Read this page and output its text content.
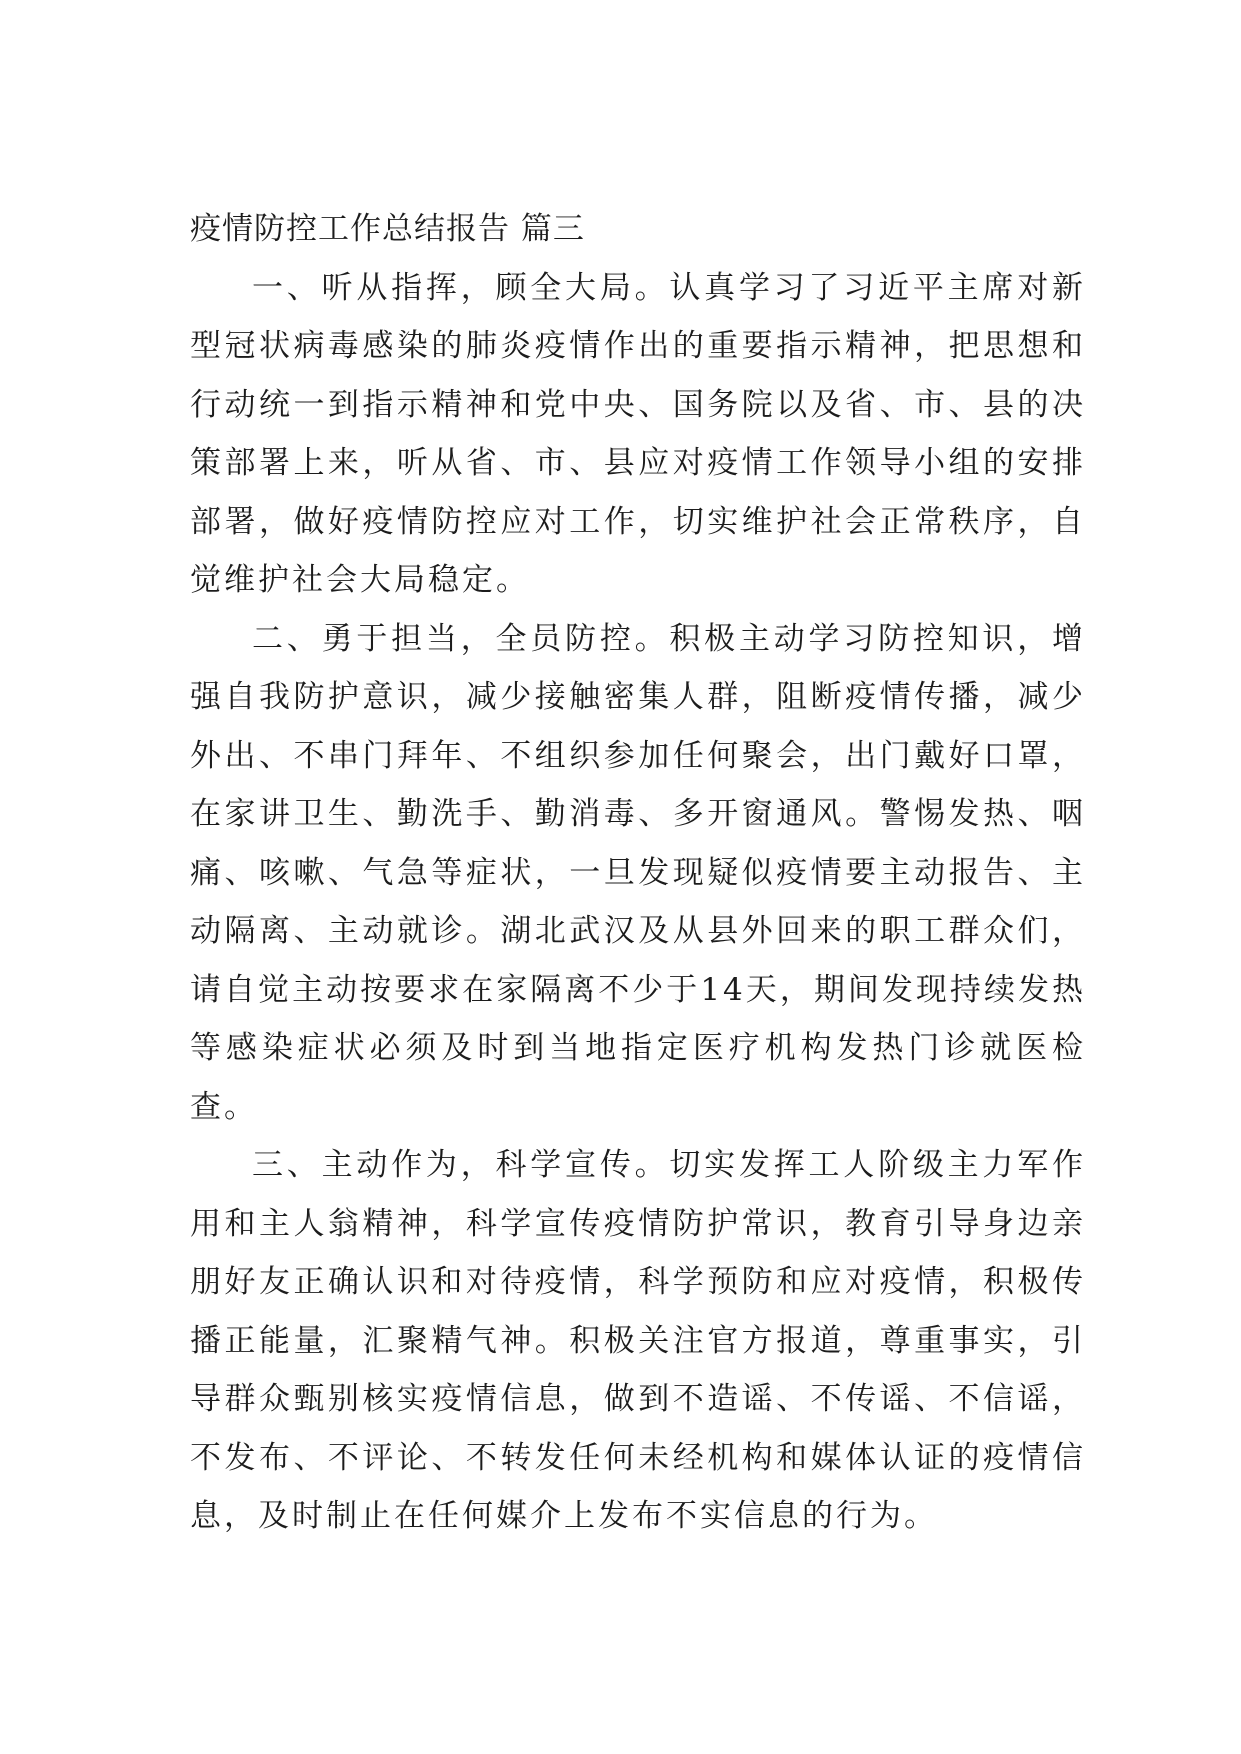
疫情防控工作总结报告 篇三

一、听从指挥，顾全大局。认真学习了习近平主席对新型冠状病毒感染的肺炎疫情作出的重要指示精神，把思想和行动统一到指示精神和党中央、国务院以及省、市、县的决策部署上来，听从省、市、县应对疫情工作领导小组的安排部署，做好疫情防控应对工作，切实维护社会正常秩序，自觉维护社会大局稳定。

二、勇于担当，全员防控。积极主动学习防控知识，增强自我防护意识，减少接触密集人群，阻断疫情传播，减少外出、不串门拜年、不组织参加任何聚会，出门戴好口罩，在家讲卫生、勤洗手、勤消毒、多开窗通风。警惕发热、咽痛、咳嗽、气急等症状，一旦发现疑似疫情要主动报告、主动隔离、主动就诊。湖北武汉及从县外回来的职工群众们，请自觉主动按要求在家隔离不少于14天，期间发现持续发热等感染症状必须及时到当地指定医疗机构发热门诊就医检查。

三、主动作为，科学宣传。切实发挥工人阶级主力军作用和主人翁精神，科学宣传疫情防护常识，教育引导身边亲朋好友正确认识和对待疫情，科学预防和应对疫情，积极传播正能量，汇聚精气神。积极关注官方报道，尊重事实，引导群众甄别核实疫情信息，做到不造谣、不传谣、不信谣，不发布、不评论、不转发任何未经机构和媒体认证的疫情信息，及时制止在任何媒介上发布不实信息的行为。
